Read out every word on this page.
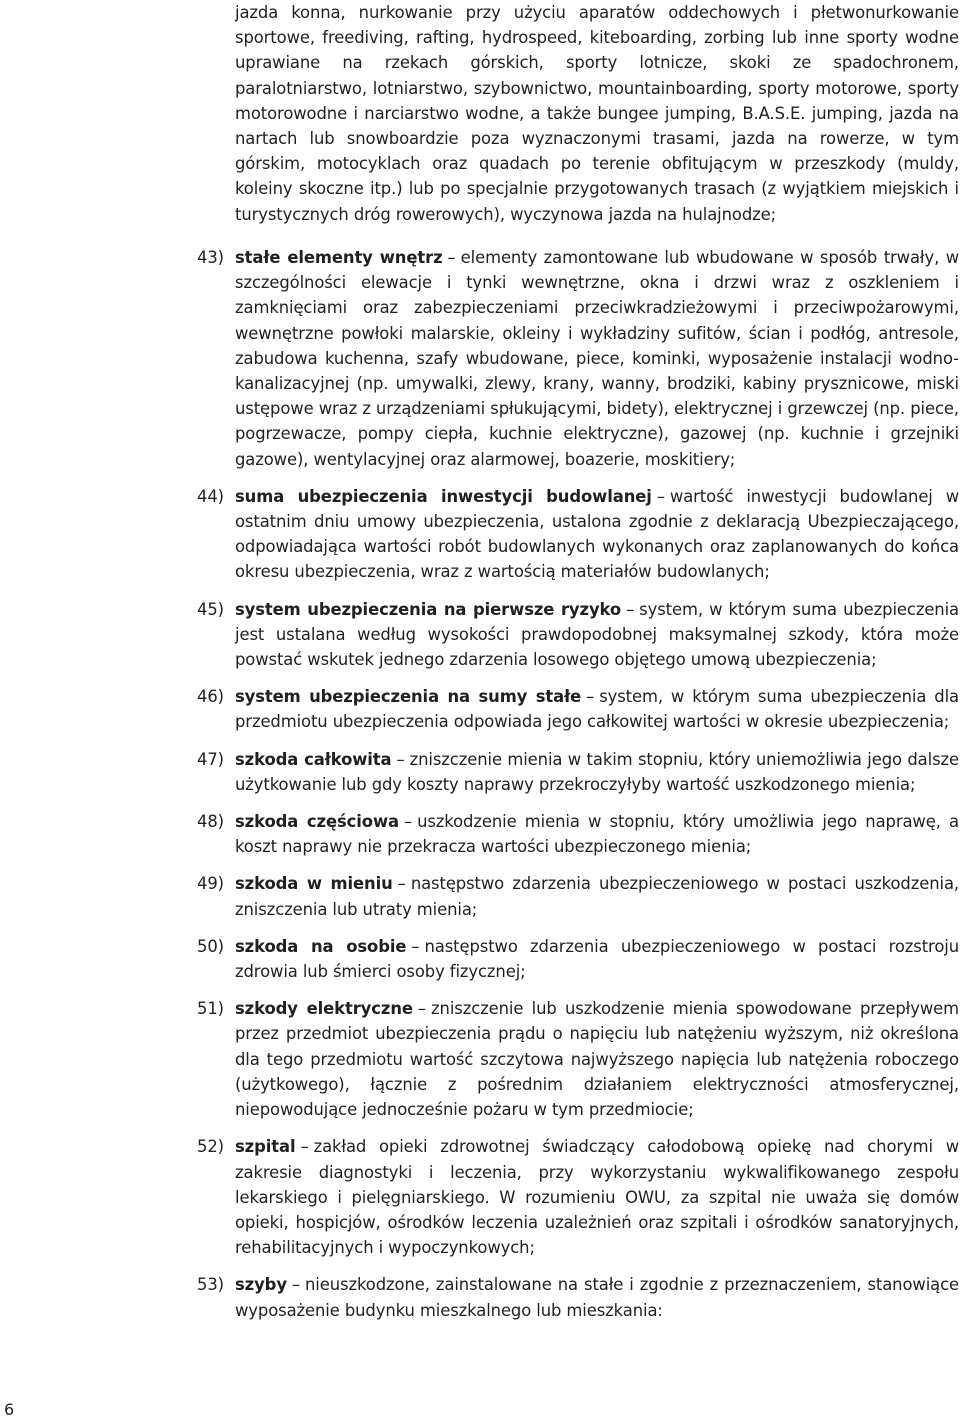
jazda konna, nurkowanie przy użyciu aparatów oddechowych i płetwonurkowanie sportowe, freediving, rafting, hydrospeed, kiteboarding, zorbing lub inne sporty wodne uprawiane na rzekach górskich, sporty lotnicze, skoki ze spadochronem, paralotniarstwo, lotniarstwo, szybownictwo, mountainboarding, sporty motorowe, sporty motorowodne i narciarstwo wodne, a także bungee jumping, B.A.S.E. jumping, jazda na nartach lub snowboardzie poza wyznaczonymi trasami, jazda na rowerze, w tym górskim, motocyklach oraz quadach po terenie obfitującym w przeszkody (muldy, koleiny skoczne itp.) lub po specjalnie przygotowanych trasach (z wyjątkiem miejskich i turystycznych dróg rowerowych), wyczynowa jazda na hulajnodze;
43) stałe elementy wnętrz – elementy zamontowane lub wbudowane w sposób trwały, w szczególności elewacje i tynki wewnętrzne, okna i drzwi wraz z oszkleniem i zamknięciami oraz zabezpieczeniami przeciwkradzieżowymi i przeciwpożarowymi, wewnętrzne powłoki malarskie, okleiny i wykładziny sufitów, ścian i podłóg, antresole, zabudowa kuchenna, szafy wbudowane, piece, kominki, wyposażenie instalacji wodno-kanalizacyjnej (np. umywalki, zlewy, krany, wanny, brodziki, kabiny prysznicowe, miski ustępowe wraz z urządzeniami spłukującymi, bidety), elektrycznej i grzewczej (np. piece, pogrzewacze, pompy ciepła, kuchnie elektryczne), gazowej (np. kuchnie i grzejniki gazowe), wentylacyjnej oraz alarmowej, boazerie, moskitiery;
44) suma ubezpieczenia inwestycji budowlanej – wartość inwestycji budowlanej w ostatnim dniu umowy ubezpieczenia, ustalona zgodnie z deklaracją Ubezpieczającego, odpowiadająca wartości robót budowlanych wykonanych oraz zaplanowanych do końca okresu ubezpieczenia, wraz z wartością materiałów budowlanych;
45) system ubezpieczenia na pierwsze ryzyko – system, w którym suma ubezpieczenia jest ustalana według wysokości prawdopodobnej maksymalnej szkody, która może powstać wskutek jednego zdarzenia losowego objętego umową ubezpieczenia;
46) system ubezpieczenia na sumy stałe – system, w którym suma ubezpieczenia dla przedmiotu ubezpieczenia odpowiada jego całkowitej wartości w okresie ubezpieczenia;
47) szkoda całkowita – zniszczenie mienia w takim stopniu, który uniemożliwia jego dalsze użytkowanie lub gdy koszty naprawy przekroczyłyby wartość uszkodzonego mienia;
48) szkoda częściowa – uszkodzenie mienia w stopniu, który umożliwia jego naprawę, a koszt naprawy nie przekracza wartości ubezpieczonego mienia;
49) szkoda w mieniu – następstwo zdarzenia ubezpieczeniowego w postaci uszkodzenia, zniszczenia lub utraty mienia;
50) szkoda na osobie – następstwo zdarzenia ubezpieczeniowego w postaci rozstroju zdrowia lub śmierci osoby fizycznej;
51) szkody elektryczne – zniszczenie lub uszkodzenie mienia spowodowane przepływem przez przedmiot ubezpieczenia prądu o napięciu lub natężeniu wyższym, niż określona dla tego przedmiotu wartość szczytowa najwyższego napięcia lub natężenia roboczego (użytkowego), łącznie z pośrednim działaniem elektryczności atmosferycznej, niepowodujące jednocześnie pożaru w tym przedmiocie;
52) szpital – zakład opieki zdrowotnej świadczący całodobową opiekę nad chorymi w zakresie diagnostyki i leczenia, przy wykorzystaniu wykwalifikowanego zespołu lekarskiego i pielęgniarskiego. W rozumieniu OWU, za szpital nie uważa się domów opieki, hospicjów, ośrodków leczenia uzależnień oraz szpitali i ośrodków sanatoryjnych, rehabilitacyjnych i wypoczynkowych;
53) szyby – nieuszkodzone, zainstalowane na stałe i zgodnie z przeznaczeniem, stanowiące wyposażenie budynku mieszkalnego lub mieszkania:
6
